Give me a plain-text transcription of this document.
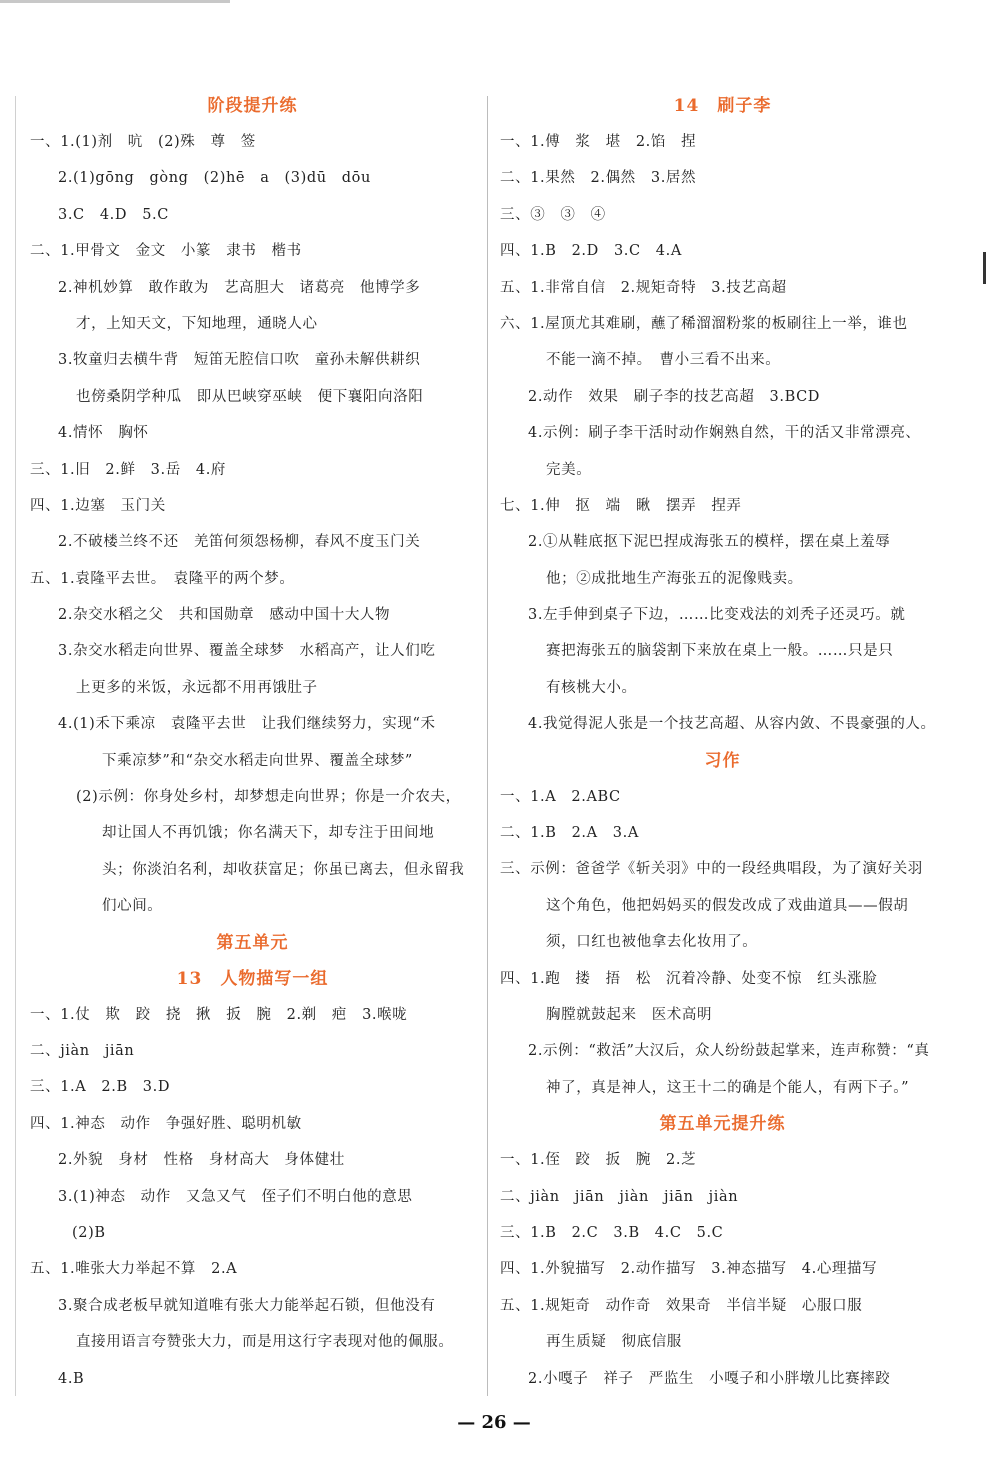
阶段提升练
一、1.(1)剂　吭　(2)殊　尊　签
2.(1)gōng　gòng　(2)hē　a　(3)dū　dōu
3.C　4.D　5.C
二、1.甲骨文　金文　小篆　隶书　楷书
2.神机妙算　敢作敢为　艺高胆大　诸葛亮　他博学多
才，上知天文，下知地理，通晓人心
3.牧童归去横牛背　短笛无腔信口吹　童孙未解供耕织
也傍桑阴学种瓜　即从巴峡穿巫峡　便下襄阳向洛阳
4.情怀　胸怀
三、1.旧　2.鲜　3.岳　4.府
四、1.边塞　玉门关
2.不破楼兰终不还　羌笛何须怨杨柳，春风不度玉门关
五、1.袁隆平去世。　袁隆平的两个梦。
2.杂交水稻之父　共和国勋章　感动中国十大人物
3.杂交水稻走向世界、覆盖全球梦　水稻高产，让人们吃
上更多的米饭，永远都不用再饿肚子
4.(1)禾下乘凉　袁隆平去世　让我们继续努力，实现“禾
下乘凉梦”和“杂交水稻走向世界、覆盖全球梦”
(2)示例：你身处乡村，却梦想走向世界；你是一介农夫，
却让国人不再饥饿；你名满天下，却专注于田间地
头；你淡泊名利，却收获富足；你虽已离去，但永留我
们心间。
第五单元
13　人物描写一组
一、1.仗　欺　跤　挠　揪　扳　腕　2.剃　疤　3.喉咙
二、jiàn　jiān
三、1.A　2.B　3.D
四、1.神态　动作　争强好胜、聪明机敏
2.外貌　身材　性格　身材高大　身体健壮
3.(1)神态　动作　又急又气　侄子们不明白他的意思
(2)B
五、1.唯张大力举起不算　2.A
3.聚合成老板早就知道唯有张大力能举起石锁，但他没有
直接用语言夸赞张大力，而是用这行字表现对他的佩服。
4.B
14　刷子李
一、1.傅　浆　堪　2.馅　捏
二、1.果然　2.偶然　3.居然
三、③　③　④
四、1.B　2.D　3.C　4.A
五、1.非常自信　2.规矩奇特　3.技艺高超
六、1.屋顶尤其难刷，蘸了稀溜溜粉浆的板刷往上一举，谁也
不能一滴不掉。　曹小三看不出来。
2.动作　效果　刷子李的技艺高超　3.BCD
4.示例：刷子李干活时动作娴熟自然，干的活又非常漂亮、
完美。
七、1.伸　抠　端　瞅　摆弄　捏弄
2.①从鞋底抠下泥巴捏成海张五的模样，摆在桌上羞辱
他；②成批地生产海张五的泥像贱卖。
3.左手伸到桌子下边，……比变戏法的刘秃子还灵巧。就
赛把海张五的脑袋割下来放在桌上一般。……只是只
有核桃大小。
4.我觉得泥人张是一个技艺高超、从容内敛、不畏豪强的人。
习作
一、1.A　2.ABC
二、1.B　2.A　3.A
三、示例：爸爸学《斩关羽》中的一段经典唱段，为了演好关羽
这个角色，他把妈妈买的假发改成了戏曲道具——假胡
须，口红也被他拿去化妆用了。
四、1.跑　搂　捂　松　沉着冷静、处变不惊　红头涨脸
胸膛就鼓起来　医术高明
2.示例：“救活”大汉后，众人纷纷鼓起掌来，连声称赞：“真
神了，真是神人，这王十二的确是个能人，有两下子。”
第五单元提升练
一、1.侄　跤　扳　腕　2.芝
二、jiàn　jiān　jiàn　jiān　jiàn
三、1.B　2.C　3.B　4.C　5.C
四、1.外貌描写　2.动作描写　3.神态描写　4.心理描写
五、1.规矩奇　动作奇　效果奇　半信半疑　心服口服
再生质疑　彻底信服
2.小嘎子　祥子　严监生　小嘎子和小胖墩儿比赛摔跤
— 26 —
